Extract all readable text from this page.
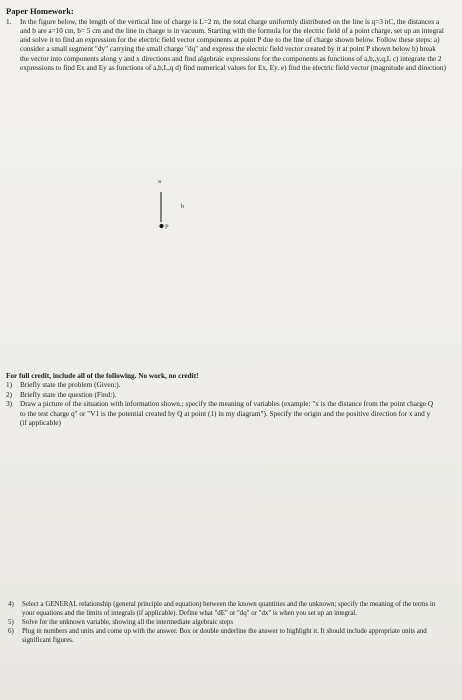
Paper Homework:
1. In the figure below, the length of the vertical line of charge is L=2 m, the total charge uniformly distributed on the line is q=3 nC, the distances a and b are a=10 cm, b= 5 cm and the line in charge is in vacuum. Starting with the formula for the electric field of a point charge, set up an integral and solve it to find an expression for the electric field vector components at point P due to the line of charge shown below. Follow these steps: a) consider a small segment "dy" carrying the small charge "dq" and express the electric field vector created by it at point P shown below b) break the vector into components along y and x directions and find algebraic expressions for the components as functions of a,b,,y,q,L c) integrate the 2 expressions to find Ex and Ey as functions of a,b,L,q d) find numerical values for Ex, Ey. e) find the electric field vector (magnitude and direction)
a
b
P
For full credit, include all of the following. No work, no credit!
1) Briefly state the problem (Given:).
2) Briefly state the question (Find:).
3) Draw a picture of the situation with information shown.; specify the meaning of variables (example: "x is the distance from the point charge Q to the test charge q" or "V1 is the potential created by Q at point (1) in my diagram"). Specify the origin and the positive direction for x and y (if applicable)
4) Select a GENERAL relationship (general principle and equation) between the known quantities and the unknown; specify the meaning of the terms in your equations and the limits of integrals (if applicable). Define what "dE" or "dq" or "dx" is when you set up an integral.
5) Solve for the unknown variable, showing all the intermediate algebraic steps
6) Plug in numbers and units and come up with the answer. Box or double underline the answer to highlight it. It should include appropriate units and significant figures.
